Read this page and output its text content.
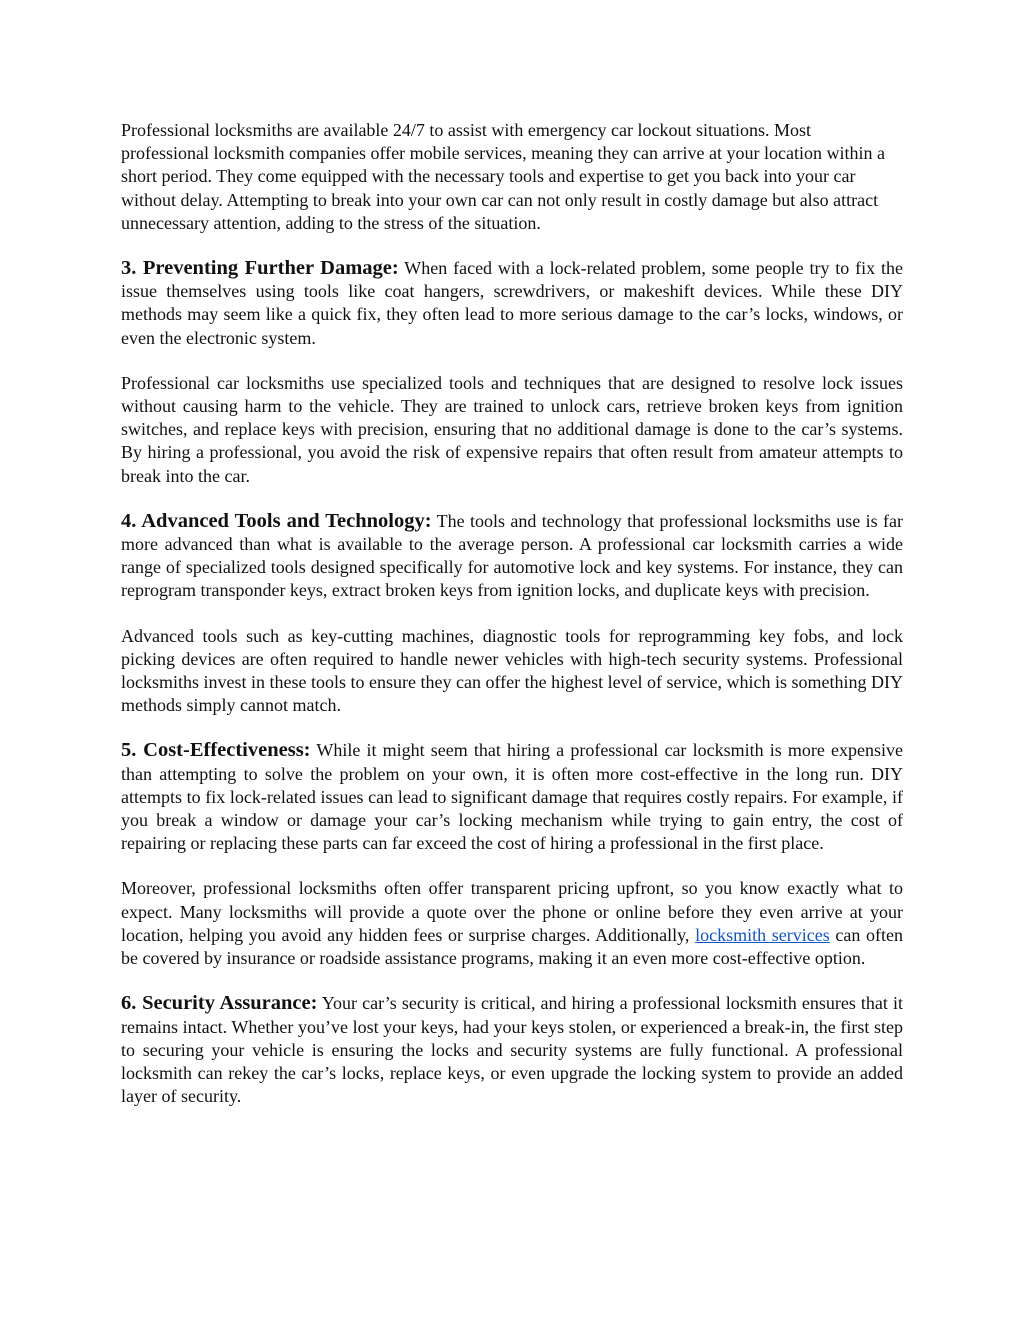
Professional locksmiths are available 24/7 to assist with emergency car lockout situations. Most professional locksmith companies offer mobile services, meaning they can arrive at your location within a short period. They come equipped with the necessary tools and expertise to get you back into your car without delay. Attempting to break into your own car can not only result in costly damage but also attract unnecessary attention, adding to the stress of the situation.

3. Preventing Further Damage: When faced with a lock-related problem, some people try to fix the issue themselves using tools like coat hangers, screwdrivers, or makeshift devices. While these DIY methods may seem like a quick fix, they often lead to more serious damage to the car’s locks, windows, or even the electronic system.

Professional car locksmiths use specialized tools and techniques that are designed to resolve lock issues without causing harm to the vehicle. They are trained to unlock cars, retrieve broken keys from ignition switches, and replace keys with precision, ensuring that no additional damage is done to the car’s systems. By hiring a professional, you avoid the risk of expensive repairs that often result from amateur attempts to break into the car.

4. Advanced Tools and Technology: The tools and technology that professional locksmiths use is far more advanced than what is available to the average person. A professional car locksmith carries a wide range of specialized tools designed specifically for automotive lock and key systems. For instance, they can reprogram transponder keys, extract broken keys from ignition locks, and duplicate keys with precision.

Advanced tools such as key-cutting machines, diagnostic tools for reprogramming key fobs, and lock picking devices are often required to handle newer vehicles with high-tech security systems. Professional locksmiths invest in these tools to ensure they can offer the highest level of service, which is something DIY methods simply cannot match.

5. Cost-Effectiveness: While it might seem that hiring a professional car locksmith is more expensive than attempting to solve the problem on your own, it is often more cost-effective in the long run. DIY attempts to fix lock-related issues can lead to significant damage that requires costly repairs. For example, if you break a window or damage your car’s locking mechanism while trying to gain entry, the cost of repairing or replacing these parts can far exceed the cost of hiring a professional in the first place.

Moreover, professional locksmiths often offer transparent pricing upfront, so you know exactly what to expect. Many locksmiths will provide a quote over the phone or online before they even arrive at your location, helping you avoid any hidden fees or surprise charges. Additionally, locksmith services can often be covered by insurance or roadside assistance programs, making it an even more cost-effective option.

6. Security Assurance: Your car’s security is critical, and hiring a professional locksmith ensures that it remains intact. Whether you’ve lost your keys, had your keys stolen, or experienced a break-in, the first step to securing your vehicle is ensuring the locks and security systems are fully functional. A professional locksmith can rekey the car’s locks, replace keys, or even upgrade the locking system to provide an added layer of security.
